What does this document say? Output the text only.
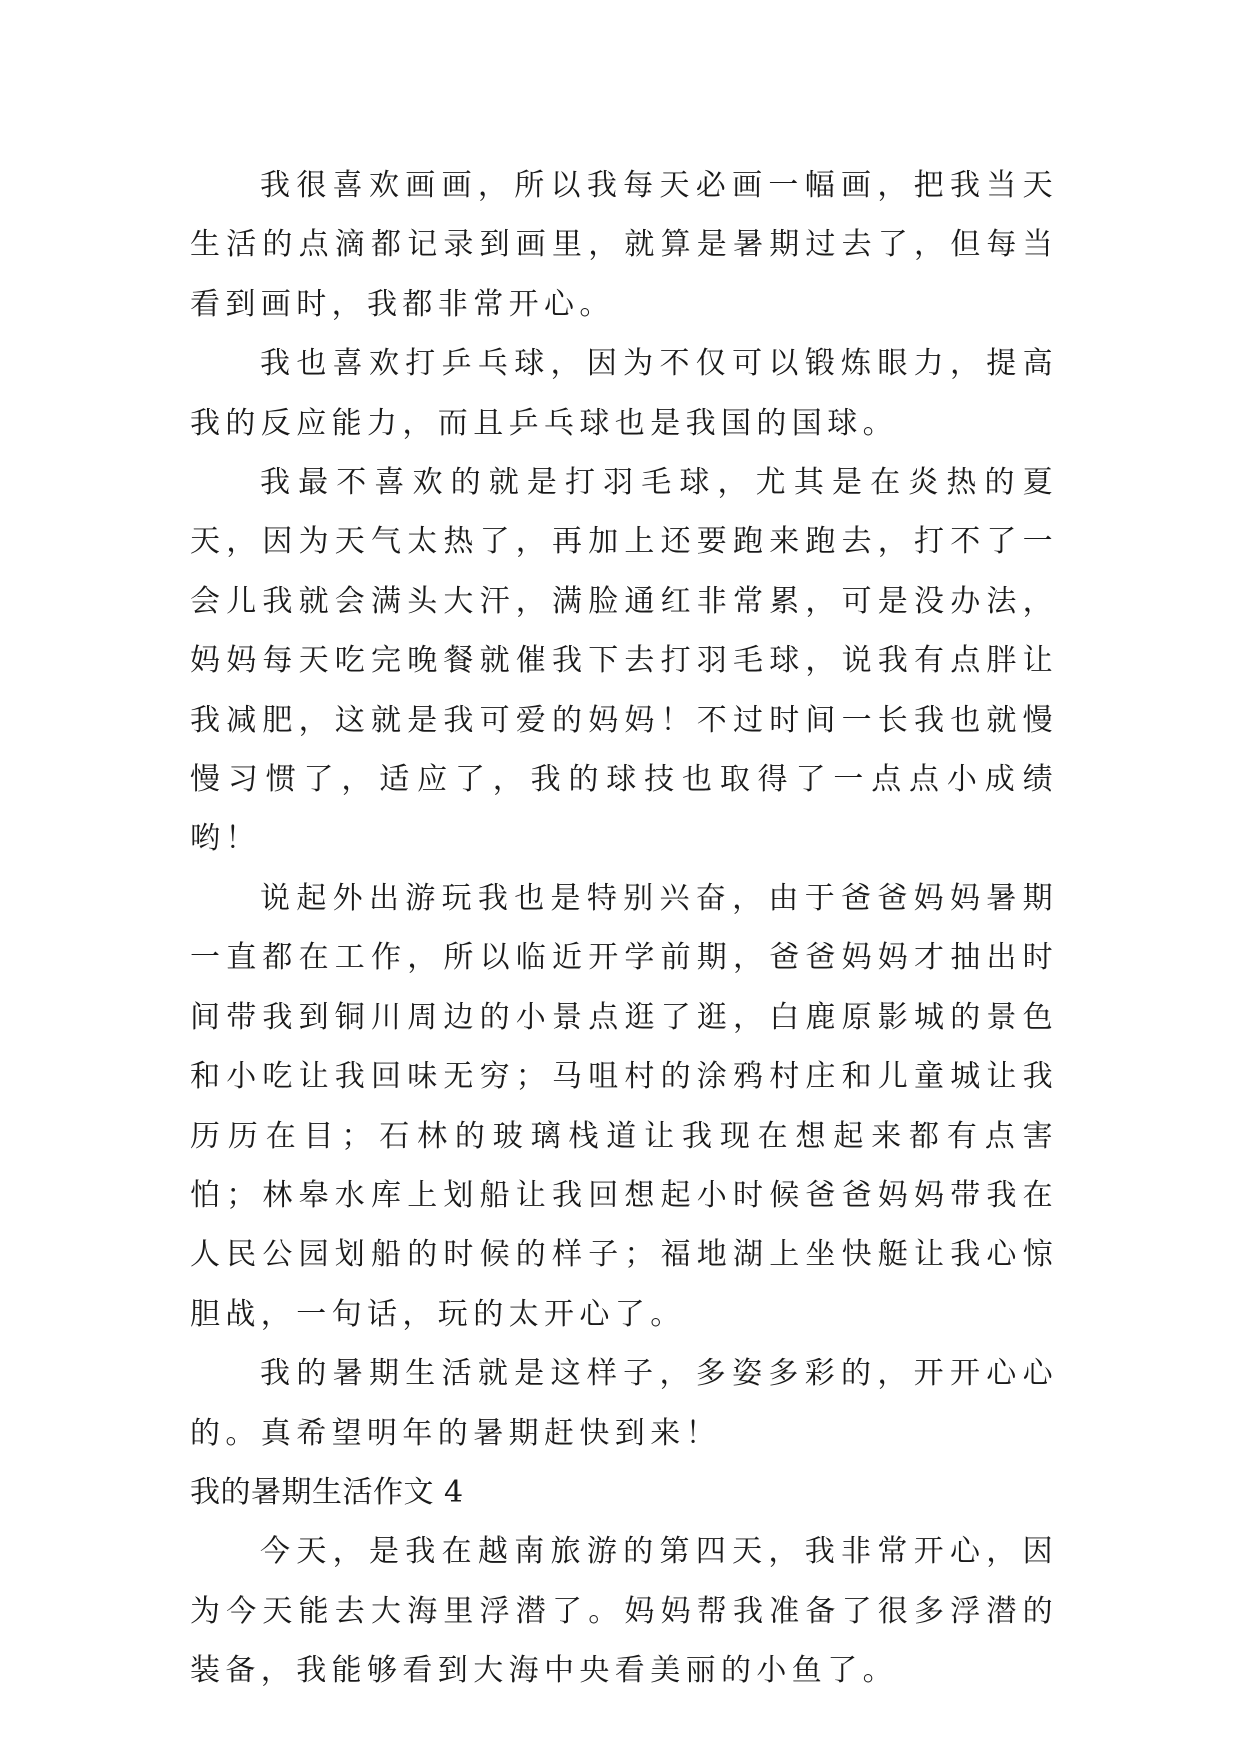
我很喜欢画画，所以我每天必画一幅画，把我当天生活的点滴都记录到画里，就算是暑期过去了，但每当看到画时，我都非常开心。

我也喜欢打乒乓球，因为不仅可以锻炼眼力，提高我的反应能力，而且乒乓球也是我国的国球。

我最不喜欢的就是打羽毛球，尤其是在炎热的夏天，因为天气太热了，再加上还要跑来跑去，打不了一会儿我就会满头大汗，满脸通红非常累，可是没办法，妈妈每天吃完晚餐就催我下去打羽毛球，说我有点胖让我减肥，这就是我可爱的妈妈！不过时间一长我也就慢慢习惯了，适应了，我的球技也取得了一点点小成绩哟！

说起外出游玩我也是特别兴奋，由于爸爸妈妈暑期一直都在工作，所以临近开学前期，爸爸妈妈才抽出时间带我到铜川周边的小景点逛了逛，白鹿原影城的景色和小吃让我回味无穷；马咀村的涂鸦村庄和儿童城让我历历在目；石林的玻璃栈道让我现在想起来都有点害怕；林皋水库上划船让我回想起小时候爸爸妈妈带我在人民公园划船的时候的样子；福地湖上坐快艇让我心惊胆战，一句话，玩的太开心了。

我的暑期生活就是这样子，多姿多彩的，开开心心的。真希望明年的暑期赶快到来！

我的暑期生活作文 4

今天，是我在越南旅游的第四天，我非常开心，因为今天能去大海里浮潜了。妈妈帮我准备了很多浮潜的装备，我能够看到大海中央看美丽的小鱼了。
